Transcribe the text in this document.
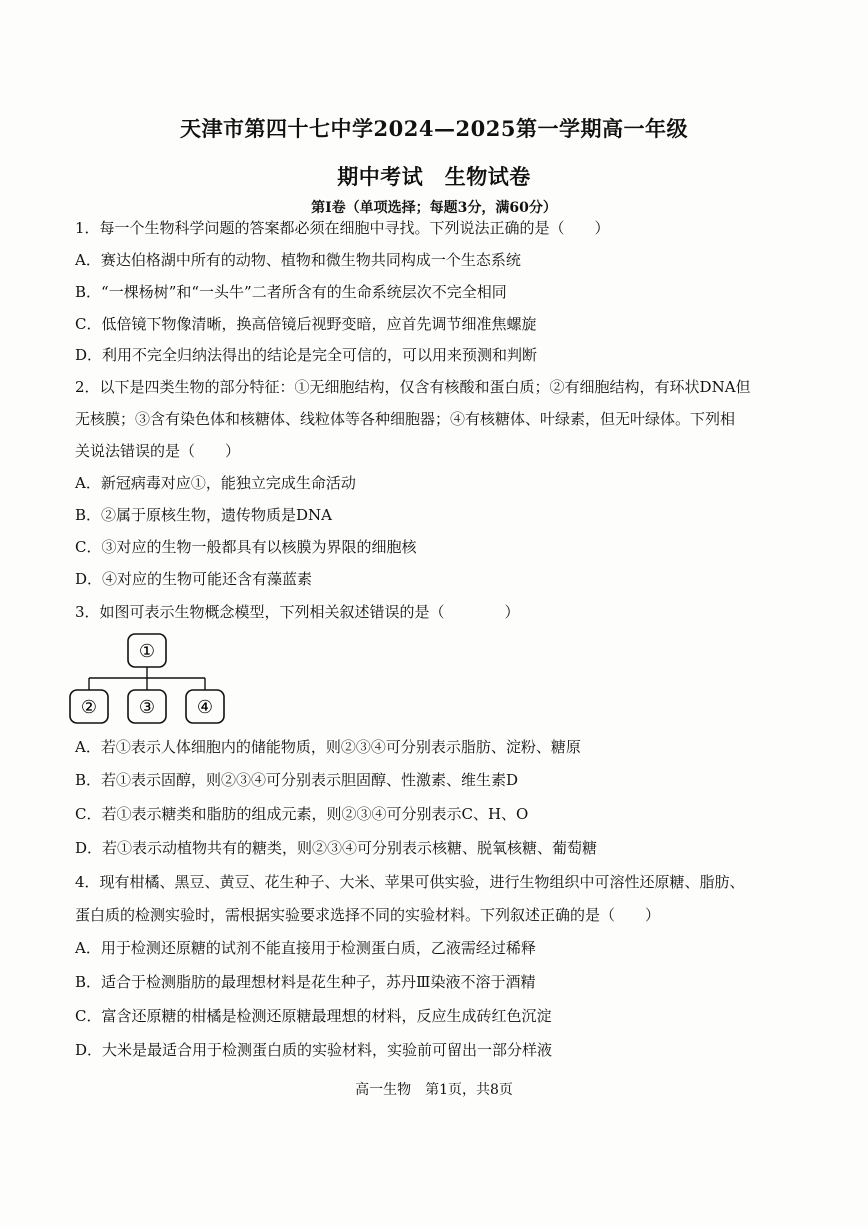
天津市第四十七中学2024—2025第一学期高一年级
期中考试　生物试卷
第Ⅰ卷（单项选择；每题3分，满60分）
1．每一个生物科学问题的答案都必须在细胞中寻找。下列说法正确的是（　　）
A．赛达伯格湖中所有的动物、植物和微生物共同构成一个生态系统
B．“一棵杨树”和“一头牛”二者所含有的生命系统层次不完全相同
C．低倍镜下物像清晰，换高倍镜后视野变暗，应首先调节细准焦螺旋
D．利用不完全归纳法得出的结论是完全可信的，可以用来预测和判断
2．以下是四类生物的部分特征：①无细胞结构，仅含有核酸和蛋白质；②有细胞结构，有环状DNA但
无核膜；③含有染色体和核糖体、线粒体等各种细胞器；④有核糖体、叶绿素，但无叶绿体。下列相
关说法错误的是（　　）
A．新冠病毒对应①，能独立完成生命活动
B．②属于原核生物，遗传物质是DNA
C．③对应的生物一般都具有以核膜为界限的细胞核
D．④对应的生物可能还含有藻蓝素
3．如图可表示生物概念模型，下列相关叙述错误的是（　　　　）
①
② ③ ④
A．若①表示人体细胞内的储能物质，则②③④可分别表示脂肪、淀粉、糖原
B．若①表示固醇，则②③④可分别表示胆固醇、性激素、维生素D
C．若①表示糖类和脂肪的组成元素，则②③④可分别表示C、H、O
D．若①表示动植物共有的糖类，则②③④可分别表示核糖、脱氧核糖、葡萄糖
4．现有柑橘、黑豆、黄豆、花生种子、大米、苹果可供实验，进行生物组织中可溶性还原糖、脂肪、
蛋白质的检测实验时，需根据实验要求选择不同的实验材料。下列叙述正确的是（　　）
A．用于检测还原糖的试剂不能直接用于检测蛋白质，乙液需经过稀释
B．适合于检测脂肪的最理想材料是花生种子，苏丹Ⅲ染液不溶于酒精
C．富含还原糖的柑橘是检测还原糖最理想的材料，反应生成砖红色沉淀
D．大米是最适合用于检测蛋白质的实验材料，实验前可留出一部分样液
高一生物　第1页，共8页
